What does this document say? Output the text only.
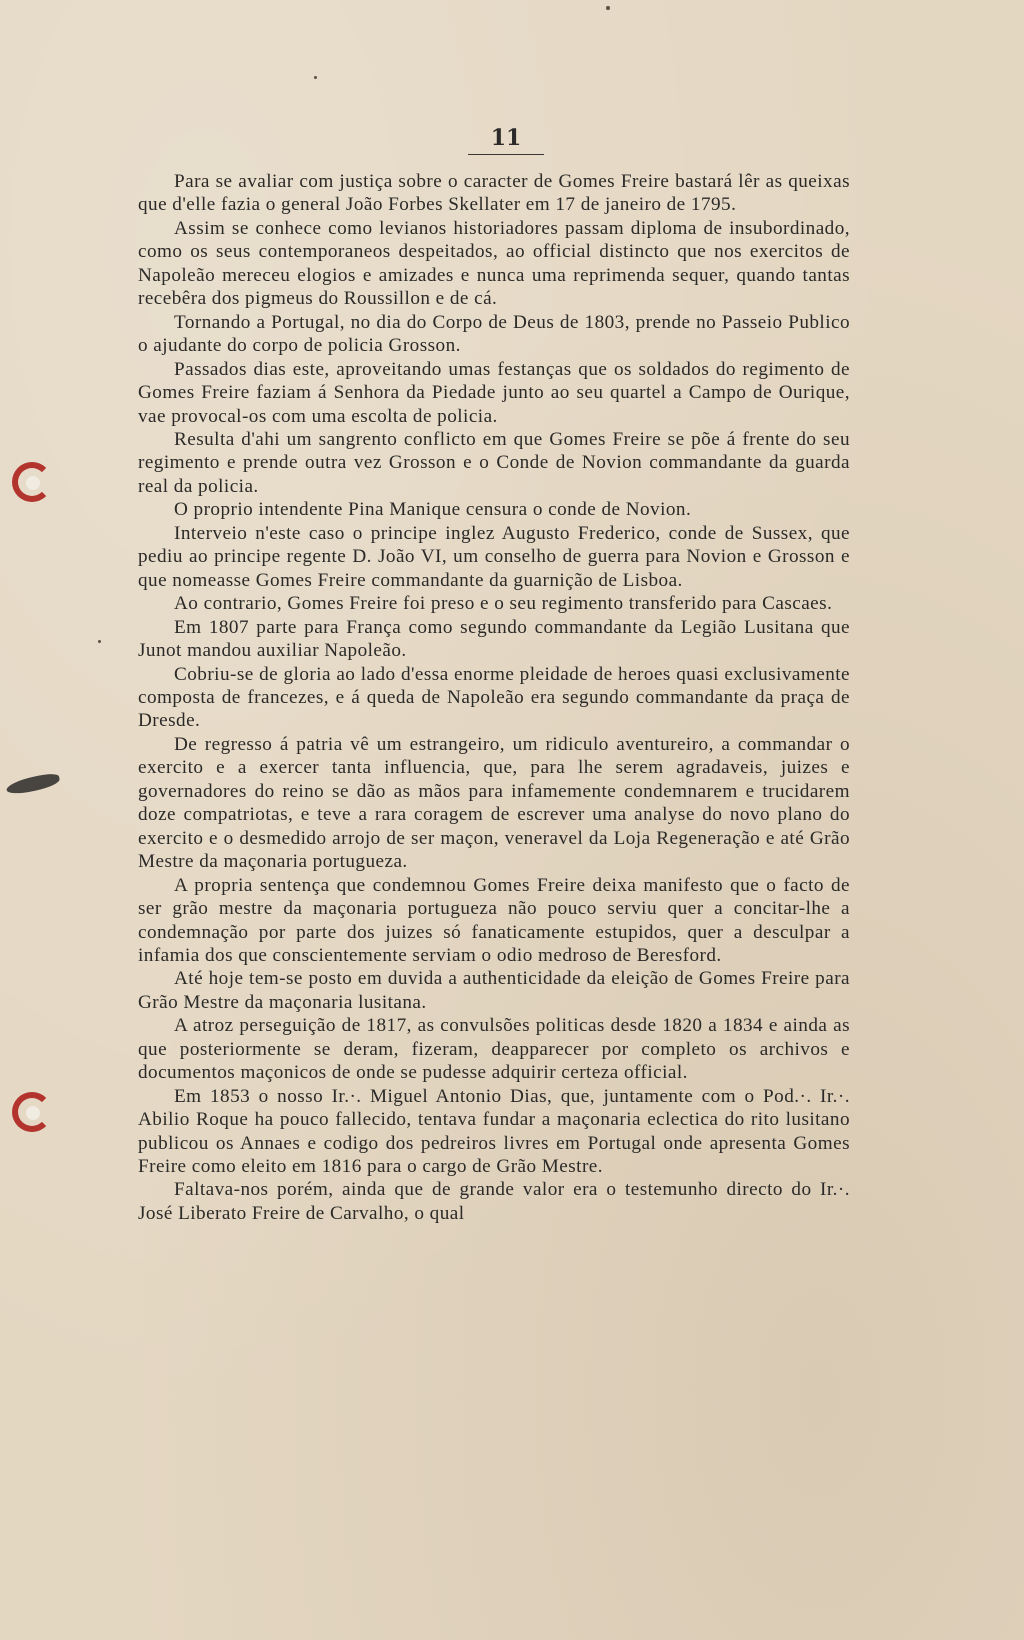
11

Para se avaliar com justiça sobre o caracter de Gomes Freire bastará lêr as queixas que d'elle fazia o general João Forbes Skellater em 17 de janeiro de 1795.

Assim se conhece como levianos historiadores passam diploma de insubordinado, como os seus contemporaneos despeitados, ao official distincto que nos exercitos de Napoleão mereceu elogios e amizades e nunca uma reprimenda sequer, quando tantas recebêra dos pigmeus do Roussillon e de cá.

Tornando a Portugal, no dia do Corpo de Deus de 1803, prende no Passeio Publico o ajudante do corpo de policia Grosson.

Passados dias este, aproveitando umas festanças que os soldados do regimento de Gomes Freire faziam á Senhora da Piedade junto ao seu quartel a Campo de Ourique, vae provocal-os com uma escolta de policia.

Resulta d'ahi um sangrento conflicto em que Gomes Freire se põe á frente do seu regimento e prende outra vez Grosson e o Conde de Novion commandante da guarda real da policia.

O proprio intendente Pina Manique censura o conde de Novion.

Interveio n'este caso o principe inglez Augusto Frederico, conde de Sussex, que pediu ao principe regente D. João VI, um conselho de guerra para Novion e Grosson e que nomeasse Gomes Freire commandante da guarnição de Lisboa.

Ao contrario, Gomes Freire foi preso e o seu regimento transferido para Cascaes.

Em 1807 parte para França como segundo commandante da Legião Lusitana que Junot mandou auxiliar Napoleão.

Cobriu-se de gloria ao lado d'essa enorme pleidade de heroes quasi exclusivamente composta de francezes, e á queda de Napoleão era segundo commandante da praça de Dresde.

De regresso á patria vê um estrangeiro, um ridiculo aventureiro, a commandar o exercito e a exercer tanta influencia, que, para lhe serem agradaveis, juizes e governadores do reino se dão as mãos para infamemente condemnarem e trucidarem doze compatriotas, e teve a rara coragem de escrever uma analyse do novo plano do exercito e o desmedido arrojo de ser maçon, veneravel da Loja Regeneração e até Grão Mestre da maçonaria portugueza.

A propria sentença que condemnou Gomes Freire deixa manifesto que o facto de ser grão mestre da maçonaria portugueza não pouco serviu quer a concitar-lhe a condemnação por parte dos juizes só fanaticamente estupidos, quer a desculpar a infamia dos que conscientemente serviam o odio medroso de Beresford.

Até hoje tem-se posto em duvida a authenticidade da eleição de Gomes Freire para Grão Mestre da maçonaria lusitana.

A atroz perseguição de 1817, as convulsões politicas desde 1820 a 1834 e ainda as que posteriormente se deram, fizeram, deapparecer por completo os archivos e documentos maçonicos de onde se pudesse adquirir certeza official.

Em 1853 o nosso Ir.·. Miguel Antonio Dias, que, juntamente com o Pod.·. Ir.·. Abilio Roque ha pouco fallecido, tentava fundar a maçonaria eclectica do rito lusitano publicou os Annaes e codigo dos pedreiros livres em Portugal onde apresenta Gomes Freire como eleito em 1816 para o cargo de Grão Mestre.

Faltava-nos porém, ainda que de grande valor era o testemunho directo do Ir.·. José Liberato Freire de Carvalho, o qual
